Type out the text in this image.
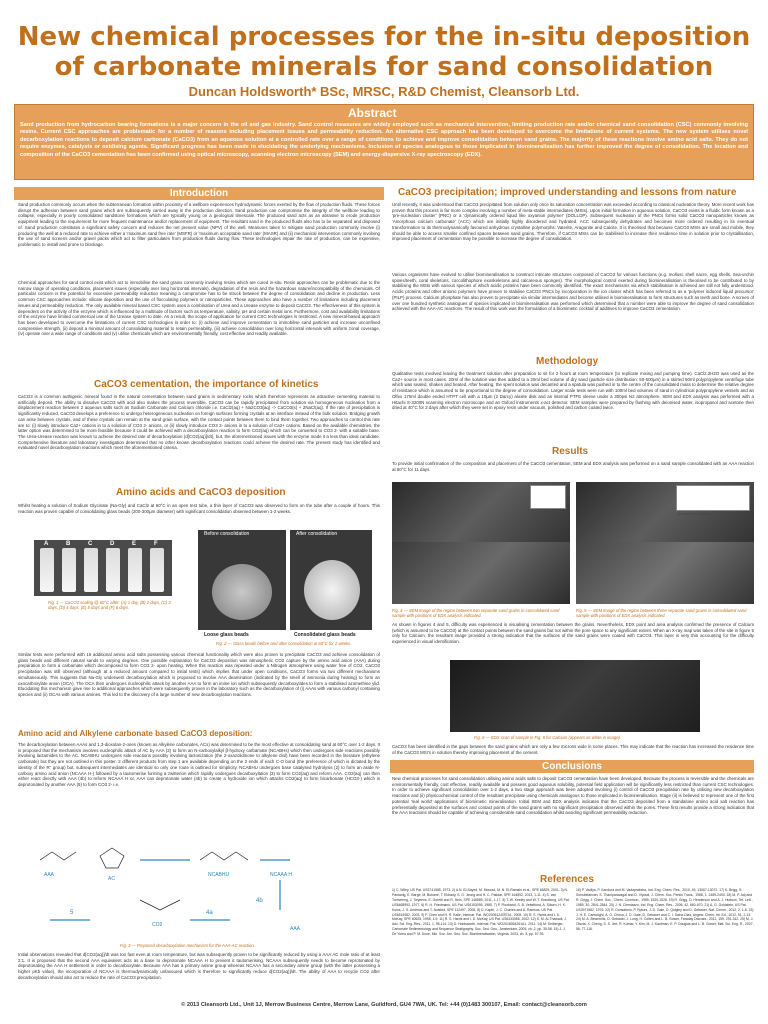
New chemical processes for the in-situ deposition of carbonate minerals for sand consolidation
Duncan Holdsworth* BSc, MRSC, R&D Chemist, Cleansorb Ltd.
Abstract
Sand production from hydrocarbon bearing formations is a major concern in the oil and gas industry. Sand control measures are widely employed such as mechanical intervention, limiting production rate and/or chemical sand consolidation (CSC) commonly involving resins. Current CSC approaches are problematic for a number of reasons including placement issues and permeability reduction. An alternative CSC approach has been developed to overcome the limitations of current systems. The new system utilises novel decarboxylation reactions to deposit calcium carbonate (CaCO3) from an aqueous solution at a controlled rate over a range of conditions to achieve and improve consolidation between sand grains. The majority of these reactions involve amino acid salts. They do not require enzymes, catalysts or oxidising agents. Significant progress has been made in elucidating the underlying mechanisms. Inclusion of species analogous to those implicated in biomineralisation has further improved the degree of consolidation. The location and composition of the CaCO3 cementation has been confirmed using optical microscopy, scanning electron microscopy (SEM) and energy-dispersive X-ray spectroscopy (EDX).
Introduction
Sand production commonly occurs when the subterranean formation within proximity of a wellbore experiences hydrodynamic forces exerted by the flow of production fluids. These forces disrupt the adhesion between sand grains which are subsequently carried away in the production direction. Sand production can compromise the integrity of the wellbore leading to collapse, especially in poorly consolidated sandstone formations which are typically young on a geological timescale. The produced sand acts as an abrasive to erode production equipment leading to the requirement for more frequent maintenance and/or replacement of equipment. The resultant sand in the produced fluids also has to be separated and disposed of. Sand production constitutes a significant safety concern and reduces the net present value (NPV) of the well. Measures taken to mitigate sand production commonly involve (i) producing the well at a reduced rate to achieve either a 'maximum sand free rate' (MSFR) or 'maximum acceptable sand rate' (MASR) and (ii) mechanical intervention commonly involving the use of sand screens and/or gravel packs which act to filter particulates from production fluids during flow. These technologies impair the rate of production, can be expensive, problematic to install and prone to blockage.
Chemical approaches for sand control exist which act to immobilise the sand grains commonly involving resins which are cured in-situ. Resin approaches can be problematic due to the narrow range of operating conditions, placement issues (especially over long horizontal intervals), degradation of the resin and the hazardous nature/incompatibility of the chemicals. Of particular concern is the potential for excessive permeability reduction meaning a compromise has to be struck between the degree of consolidation and decline in production. Less common CSC approaches include: silicate deposition and the use of flocculating polymers or nanoparticles. These approaches also have a number of limitations including placement issues and permeability reduction. The only available mineral based CSC system uses a combination of Urea and a Urease enzyme to deposit CaCO3. The effectiveness of this system is dependent on the activity of the enzyme which is influenced by a multitude of factors such as temperature, salinity, pH and certain metal ions. Furthermore, cost and availability limitations of the enzyme have limited commercial use of the Urease system to date. As a result, the scope of application for current CSC technologies is restricted. A new mineral-based approach has been developed to overcome the limitations of current CSC technologies in order to: (i) achieve and improve cementation to immobilise sand particles and increase unconfined compressive strength, (ii) deposit a minimal amount of consolidating material to retain permeability, (iii) achieve consolidation over long horizontal intervals with uniform zonal coverage, (iv) operate over a wide range of conditions and (v) utilise chemicals which are environmentally friendly, cost effective and readily available.
CaCO3 cementation, the importance of kinetics
CaCO3 is a common authigenic mineral found in the natural cementation between sand grains in sedimentary rocks which therefore represents an attractive cementing material to artificially deposit. The ability to dissolve CaCO3 with acid also makes the process reversible. CaCO3 can be rapidly precipitated from solution via homogeneous nucleation from a displacement reaction between 2 aqueous salts such as Sodium Carbonate and Calcium chloride i.e. CaCl2(aq) + Na2CO3(aq) -> CaCO3(s) + 2NaCl(aq). If the rate of precipitation is significantly reduced, CaCO3 develops a preference to undergo heterogeneous nucleation on foreign surfaces forming crystals at an interface instead of the bulk solution. Bridging growth can arise between crystals, and of these crystals can remain at the sand grain surface, with the contact points between them to bind them together. Two approaches to control this rate are to: (i) slowly introduce Ca2+ cations in to a solution of CO3 2- anions, or (ii) slowly introduce CO3 2- anions in to a solution of Ca2+ cations. Based on the available chemistries, the latter option was determined to be more feasible because it could be achieved with a decarboxylation reaction to form CO2(aq) which can be converted to CO3 2- with a suitable base. The Urea-Urease reaction was known to achieve the desired rate of decarboxylation (d[CO2(aq)]/dt), but, the aforementioned issues with the enzyme made it a less than ideal candidate. Comprehensive literature and laboratory investigation determined that no other known decarboxylation reactions could achieve the desired rate. The present study has identified and evaluated novel decarboxylation reactions which meet the aforementioned criteria.
Amino acids and CaCO3 deposition
Whilst heating a solution of Sodium Glycinate (Na-Gly) and CaCl2 at 60°C in an open test tube, a thin layer of CaCO3 was observed to form on the tube after a couple of hours. This reaction was proven capable of consolidating glass beads (200-300µm diameter) with significant consolidation observed between 1-2 weeks.
A	B	C	D	E	F
Fig. 1 — CaCO3 scaling @ 60°C after: (A) 1 day, (B) 2 days, (C) 3 days, (D) 4 days, (E) 5 days and (F) 6 days.
Before consolidation	After consolidation
Loose glass beads	Consolidated glass beads
Fig. 2 — Glass beads before and after consolidation at 60°C for 2 weeks.
Similar tests were performed with 16 additional amino acid salts possessing various chemical functionality which were also proven to precipitate CaCO3 and achieve consolidation of glass beads and different natural sands to varying degrees. One possible explanation for CaCO3 deposition was atmospheric CO2 capture by the amino acid anion (AAA) during preparation to form a carbamate which decomposed to form CO3 2- upon heating. When this reaction was repeated under a Nitrogen atmosphere using water free of CO2, CaCO3 precipitation was still observed (although at a reduced amount compared to initial tests) which implies that under open conditions, CaCO3 forms via two different mechanisms simultaneously. This suggests that Na-Gly underwent decarboxylation which is proposed to involve AAA deamination (indicated by the smell of ammonia during heating) to form an oxocarboxylate anion (OCA). The OCA then undergoes nucleophilic attack by another AAA to form an imine ion which subsequently decarboxylates to form a stabilised azomethine ylid. Elucidating this mechanism gave rise to additional approaches which were subsequently proven in the laboratory such as the decarboxylation of (i) AAAs with various carbonyl containing species and (ii) OCAs with various amines. This led to the discovery of a large number of new decarboxylation reactions.
Amino acid and Alkylene carbonate based CaCO3 deposition:
The decarboxylation between AAAs and 1,3-dioxolan-2-ones (known as Alkylene carbonates, ACs) was determined to be the most effective at consolidating sand at 60°C over 1-2 days. It is proposed that the mechanism involves nucleophilic attack of AC by AAA (2) to form an N-carboxylalkyl β-hydroxy carbamate (NCABHs) which then undergoes side reactions possibly involving lactamides to the AC. NCABHU undergoes side reactions possibly involving lactonization (the 2-oxazolidinone to alkylene diol) have been recorded in the literature (ethylene carbonate) but they are not outlined in this poster. 2 different products from step 1 are available depending on the 2 ends of each C-O bond (the preference of which is dictated by the identity of the R'' group) but, subsequent intermediates are identical so only one route is outlined for simplicity. NCABHU undergoes base catalysed hydrolysis (2) to form an aside N-carboxy amino acid anion (NCAAA H-) followed by a tautomerise forming a zwitterion which rapidly undergoes decarboxylation (3) to form CO2(aq) and reform AAA. CO2(aq) can then either react directly with AAA (4b) to reform NCAAA H or, AAA can deprotonate water (4b) to create a hydroxide ion which attacks CO2(aq) to form bicarbonate (HCO3-) which is deprotonated by another AAA (5) to form CO3 2- i.e.
AAA
AC
NCABHU	NCAAA H
AAA
CO2
4b
4a
5
Fig. 3 — Proposed decarboxylation mechanism for the AAA-AC reaction.
Initial observations revealed that d[CO2(aq)]/dt was too fast even at room temperature, but was subsequently proven to be significantly reduced by using a AAA:AC mole ratio of at least 2:1. It is proposed that the second AAA equivalent acts as a base to deprotonate NCAAA H to prevent it tautomerising. NCAAA subsequently needs to become reprotonated by deprotonating the AAA H settlement in order to decarboxylate. Because AAA has a primary amine group whereas NCAAA has a secondary amine group (with the latter possessing a higher pKb value), the incorporation of NCAAA is thermodynamically unfavoured which is therefore to significantly reduce d[CO2(aq)]/dt. The ability of AAA to recycle CO2 after decarboxylation should also act to reduce the rate of CaCO3 precipitation.
CaCO3 precipitation; improved understanding and lessons from nature
Until recently, it was understood that CaCO3 precipitated from solution only once its saturation concentration was exceeded according to classical nucleation theory. More recent work has proven that this process is far more complex involving a number of meta-stable intermediates (MSIs). Upon initial formation in aqueous solution, CaCO3 exists in a fluidic form known as a 'pre-nucleation cluster' (PNC) or a 'dynamically ordered liquid like oxyanion polymer' (DOLLOP). Subsequent nucleation of the PNCs forms solid CaCO3 nanoparticles known as 'Amorphous calcium carbonate' (ACC) which are initially highly disordered and hydrated. ACC subsequently dehydrates and becomes more ordered resulting in its eventual transformation to its thermodynamically favoured anhydrous crystalline polymorphs: Vaterite, Aragonite and Calcite. It is theorised that because CaCO3 MSIs are small and mobile, they should be able to access smaller confined spaces between sand grains. Therefore, if CaCO3 MSIs can be stabilised to increase their residence time in solution prior to crystallisation, improved placement of cementation may be possible to increase the degree of consolidation.
Various organisms have evolved to utilise biomineralisation to construct intricate structures composed of CaCO3 for various functions (e.g. mollusc shell nacre, egg shells, Sea-urchin spines/teeth, coral skeletons, coccolithophore exoskeletons and calcareous sponges). The morphological control exerted during biomineralisation is theorised to be contributed to by stabilising the MSIs with various species of which acidic proteins have been commonly identified. The exact mechanisms via which stabilisation is achieved are still not fully understood. Acidic proteins and other anionic polymers have proven to stabilise CaCO3 PNCs by incorporation in the ion cluster which has been referred to as a 'polymer induced liquid precursor' (PILP) process. Calcium phosphate has also proven to precipitate via similar intermediates and become utilised in biomineralisation to form structures such as teeth and bone. A screen of over one hundred synthetic analogues of species implicated in biomineralisation was performed which determined that a number were able to improve the degree of sand consolidation achieved with the AAA-AC reactions. The result of this work was the formulation of a biomimetic cocktail of additives to improve CaCO3 cementation.
Methodology
Qualitative tests involved leaving the treatment solution after preparation to sit for 2 hours at room temperature (to replicate mixing and pumping time). CaCl2.2H2O was used as the Ca2+ source in most cases. 20ml of the solution was then added to a 20ml bed volume of dry sand (particle size distribution: 50-500µm) in a skirted 50ml polypropylene centrifuge tube which was sealed, shaken and heated. After heating, the spent solution was decanted and a spatula was pushed in to the centre of the consolidated mass to determine the relative degree of resistance which is assumed to be proportional to the degree of consolidation. Larger scale tests were run with 100ml bed volumes of sand in cylindrical polypropylene vessels and an Olfex 175ml double ended HTPT cell with a 10µm (2 Darcy) aloxite disk and an internal PTFE sleeve under a 300psi N2 atmosphere. SEM and EDX analysis was performed with a Hitachi S-3200N scanning electron microscope and an Oxford instruments x-act detector. SEM samples were prepared by flushing with deionised water, isopropanol and acetone then dried at 40°C for 2 days after which they were set in epoxy resin under vacuum, polished and carbon coated twice.
Results
To provide initial confirmation of the composition and placement of the CaCO3 cementation, SEM and EDX analysis was performed on a sand sample consolidated with an AAA reaction at 60°C for 11 days.
All results in weight%	All results in weight%
Fig. 4 — SEM image of the region between two separate sand grains in consolidated sand sample with positions of EDX analysis indicated.
Fig. 5 — SEM image of the region between three separate sand grains in consolidated sand sample with positions of EDX analysis indicated.
As shown in figures 4 and 5, difficulty was experienced in visualising cementation between the grains. Nevertheless, EDX point and area analysis confirmed the presence of Calcium (which is assumed to be CaCO3) at the contact points between the sand grains but not within the pore space to any significant extent. When an X-ray map was taken of the site in figure 5 only for Calcium, the resultant image provided a strong indication that the surfaces of the sand grains were coated with CaCO3. This layer is very thin accounting for the difficulty experienced in visual identification.
Fig. 6 — EDX scan of sample in Fig. 5 for Calcium (appears as white in image).
CaCO3 has been identified in the gaps between the sand grains which are only a few microns wide in some places. This may indicate that the reaction has increased the residence time of the CaCO3 MSI's in solution thereby improving placement of the cement.
Conclusions
New chemical processes for sand consolidation utilising amino acids salts to deposit CaCO3 cementation have been developed. Because the process is reversible and the chemicals are environmentally friendly, cost effective, readily available and possess good aqueous solubility, potential field application will be significantly less restricted than current CSC technologies. In order to achieve significant consolidation over 1-2 days, a two stage approach was been adopted involving (i) control of CaCO3 precipitation rate by utilising new decarboxylation reactions and (ii) physicochemical control of the resultant precipitate using chemicals analogous to those implicated in biomineralisation. Stage (ii) is believed to represent one of the first potential 'real world' applications of biomimetic mineralisation. Initial SEM and EDX analysis indicates that the CaCO3 deposited from a standalone amino acid salt reaction has preferentially deposited at the surfaces and contact points of the sand grains with no significant precipitation observed within the pores. These first results provide a strong indication that the AAA reactions should be capable of achieving considerable sand consolidation whilst avoiding significant permeability reduction.
References
1) C. Wiley, US Pat. US3741585, 1973. 2) A.N. El-Sayed, M. Mourad, M. N. El-Ramahi et al., SPE 66829, 2001. 3) N. Pantanig, E. Barge, M. Buhane, T. Eldrady, S. G. Jeong and H. C. Patidar, SPE 164892, 2013, 1-11. 4) S. van Tornveeng, J. Twyeens, E. Goretti and R. Hein, SPE 146889, 2011, 1-17. 5) T. W. Keeley and W. T. Kracklong, US Pat. US6468993, 1977. 6) R. H. Friedmann, US Pat. US6153095, 1985. 7) P. Flooband, S. B. Vettelfund, A. Siborn, H. K. Kolos, J. S. Andreas and T. Nolsted, SPE 112497, 2008. 8) D. Kaptri, J. C. Chaves and A. Ramsus, US Pat. US6519482, 2003. 9) P. Chen and H. R. Kalle, Internat. Pat. WO2005124097A1, 2005. 10) R. S. Harris and I. D. McKay, SPE 60625, 1998, 1-9. 11) R. S. Harris and I. D. McKay, US Pat. US6333086, 2002. 12) S. M. Al-Thawadi, J. Adv. Sci. Eng. Res., 2011, 1, 98-114. 13) D. Holdsworth, Internat. Pat. WO2018064261A1, 2011. 14) M. Seiberger, Carbonate Sedimentology and Sequence Stratigraphy, Soc. Sed. Geo., Amsterdam, 2005, ch. 2, pp. 35-58. 15) J. J. De Yoreo and P. M. Dove, Min. Soc. Am. Geo. Soc. Biomineralisation, Virginia, 2003, ch. 3, pp. 57-93.
16) P. Vadlya, P. Kandura and M. Vadapraksha, Ind. Eng. Chem. Res., 2010, 49, 13067-13072. 17) K. Brigg, S. Sonsbelaevan, S. Thaniparavagal and D. Vlpoud, J. Chem. Soc. Perkin Trans., 1988, 1, 2489-2493. 18) M. P. Adj and R. Grigg, J. Chem. Soc., Chem. Commun., 1985, 1520-1526. 19) R. Grigg, D. Henderson and A. J. Hudson, Tet. Lett., 1989, 30, 2841-2844. 20) J. N. Clemiazzo, Ind. Eng. Chem. Res., 2006, 42, 660-670. 21) A. G. Goldstein, US Pat. US3971582, 1976. 22) R. Donsabelu, P. Rpturs, J. D. Gale, D. Quigley and D. Gebauer, Nat. Comm., 2012, 2, 1-8. 23) J. H. E. Cartwright, A. G. Checa, J. D. Gale, D. Gebauer and C. I. Sainz-Diaz, Angew. Chem. Int. Ed., 2012, 51, 2-13. 24) M. A. Bewernitz, D. Gebauer, J. Long, H. Colfen and L. B. Gower, Faraday Discuss., 2012, 159, 291-312. 25) M. J. Olszta, X. Cheng, S. S. Jee, R. Kumar, Y. Kim, M. J. Kaufman, E. P. Douglas and L. B. Gower, Mat. Sci. Eng. R., 2007, 58, 77-116.
© 2013 Cleansorb Ltd., Unit 1J, Merrow Business Centre, Merrow Lane, Guildford, GU4 7WA, UK. Tel: +44 (0)1483 300107, Email: contact@cleansorb.com
